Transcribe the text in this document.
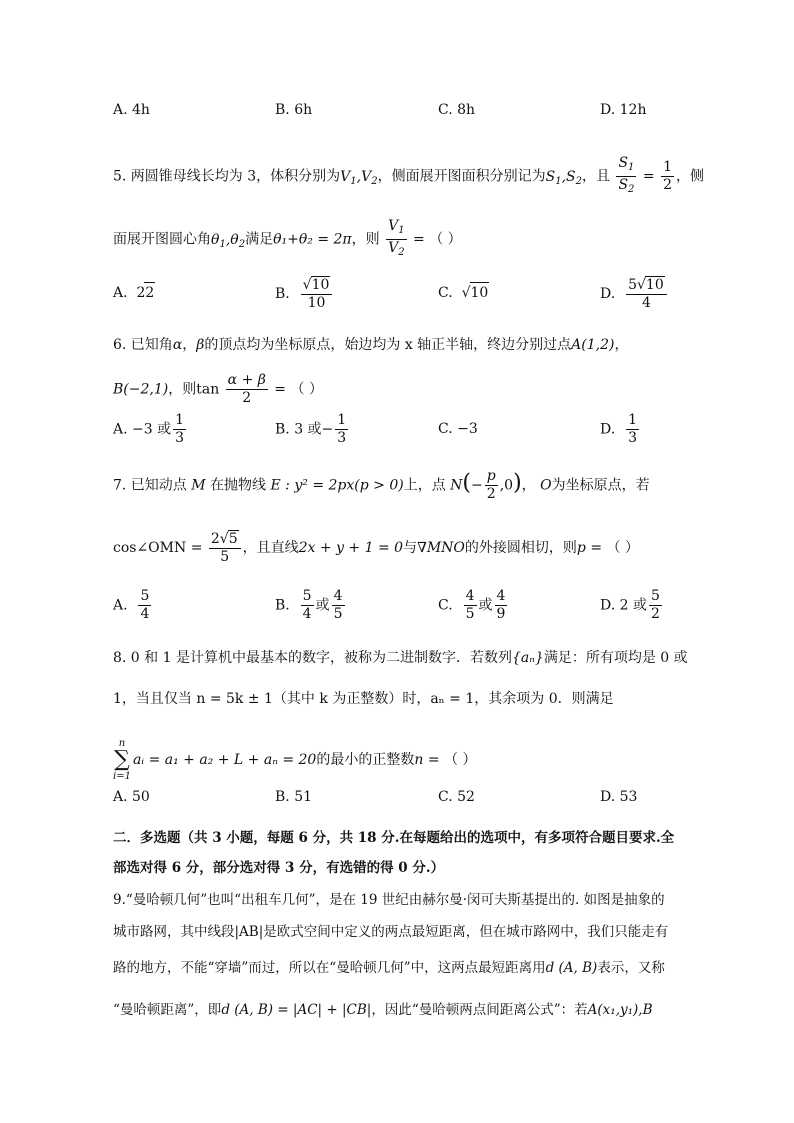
A. 4h	B. 6h	C. 8h	D. 12h
5. 两圆锥母线长均为 3，体积分别为$V_1,V_2$，侧面展开图面积分别记为$S_1,S_2$，且 $\frac{S_1}{S_2} = \frac{1}{2}$ ，侧
面展开图圆心角$\theta_1,\theta_2$满足θ₁+θ₂ = 2π，则 $\frac{V_1}{V_2}$ = （ ）
A.  22	B. $\frac{√10}{10}$	C.  √10	D. $\frac{5√10}{4}$
6. 已知角α，β的顶点均为坐标原点，始边均为 x 轴正半轴，终边分别过点A(1,2)，
B(−2,1)，则$\tan \frac{\alpha + \beta}{2}$ = （ ）
A. −3 或 $\frac{1}{3}$	B. 3 或− $\frac{1}{3}$	C. −3	D. $\frac{1}{3}$
7. 已知动点 M 在抛物线 E : y² = 2px(p > 0)上，点 $N(- \frac{p}{2} ,0)$， O为坐标原点，若
cos∠OMN = $\frac{2√5}{5}$ ，且直线2x + y + 1 = 0与∇MNO的外接圆相切，则p = （ ）
A. $\frac{5}{4}$	B. $\frac{5}{4}$ 或 $\frac{4}{5}$	C. $\frac{4}{5}$ 或 $\frac{4}{9}$	D. 2 或 $\frac{5}{2}$
8. 0 和 1 是计算机中最基本的数字，被称为二进制数字．若数列{aₙ}满足：所有项均是 0 或
1，当且仅当 n = 5k ± 1（其中 k 为正整数）时，aₙ = 1，其余项为 0．则满足
n
∑
i=1aᵢ = a₁ + a₂ + L + aₙ = 20的最小的正整数n = （ ）
A. 50	B. 51	C. 52	D. 53
二．多选题（共 3 小题，每题 6 分，共 18 分.在每题给出的选项中，有多项符合题目要求.全
部选对得 6 分，部分选对得 3 分，有选错的得 0 分.）
9.“曼哈顿几何”也叫“出租车几何”，是在 19 世纪由赫尔曼·闵可夫斯基提出的. 如图是抽象的
城市路网，其中线段|AB|是欧式空间中定义的两点最短距离，但在城市路网中，我们只能走有
路的地方，不能“穿墙”而过，所以在“曼哈顿几何”中，这两点最短距离用d (A, B)表示，又称
“曼哈顿距离”，即d (A, B) = |AC| + |CB|，因此“曼哈顿两点间距离公式”：若A(x₁,y₁),B
